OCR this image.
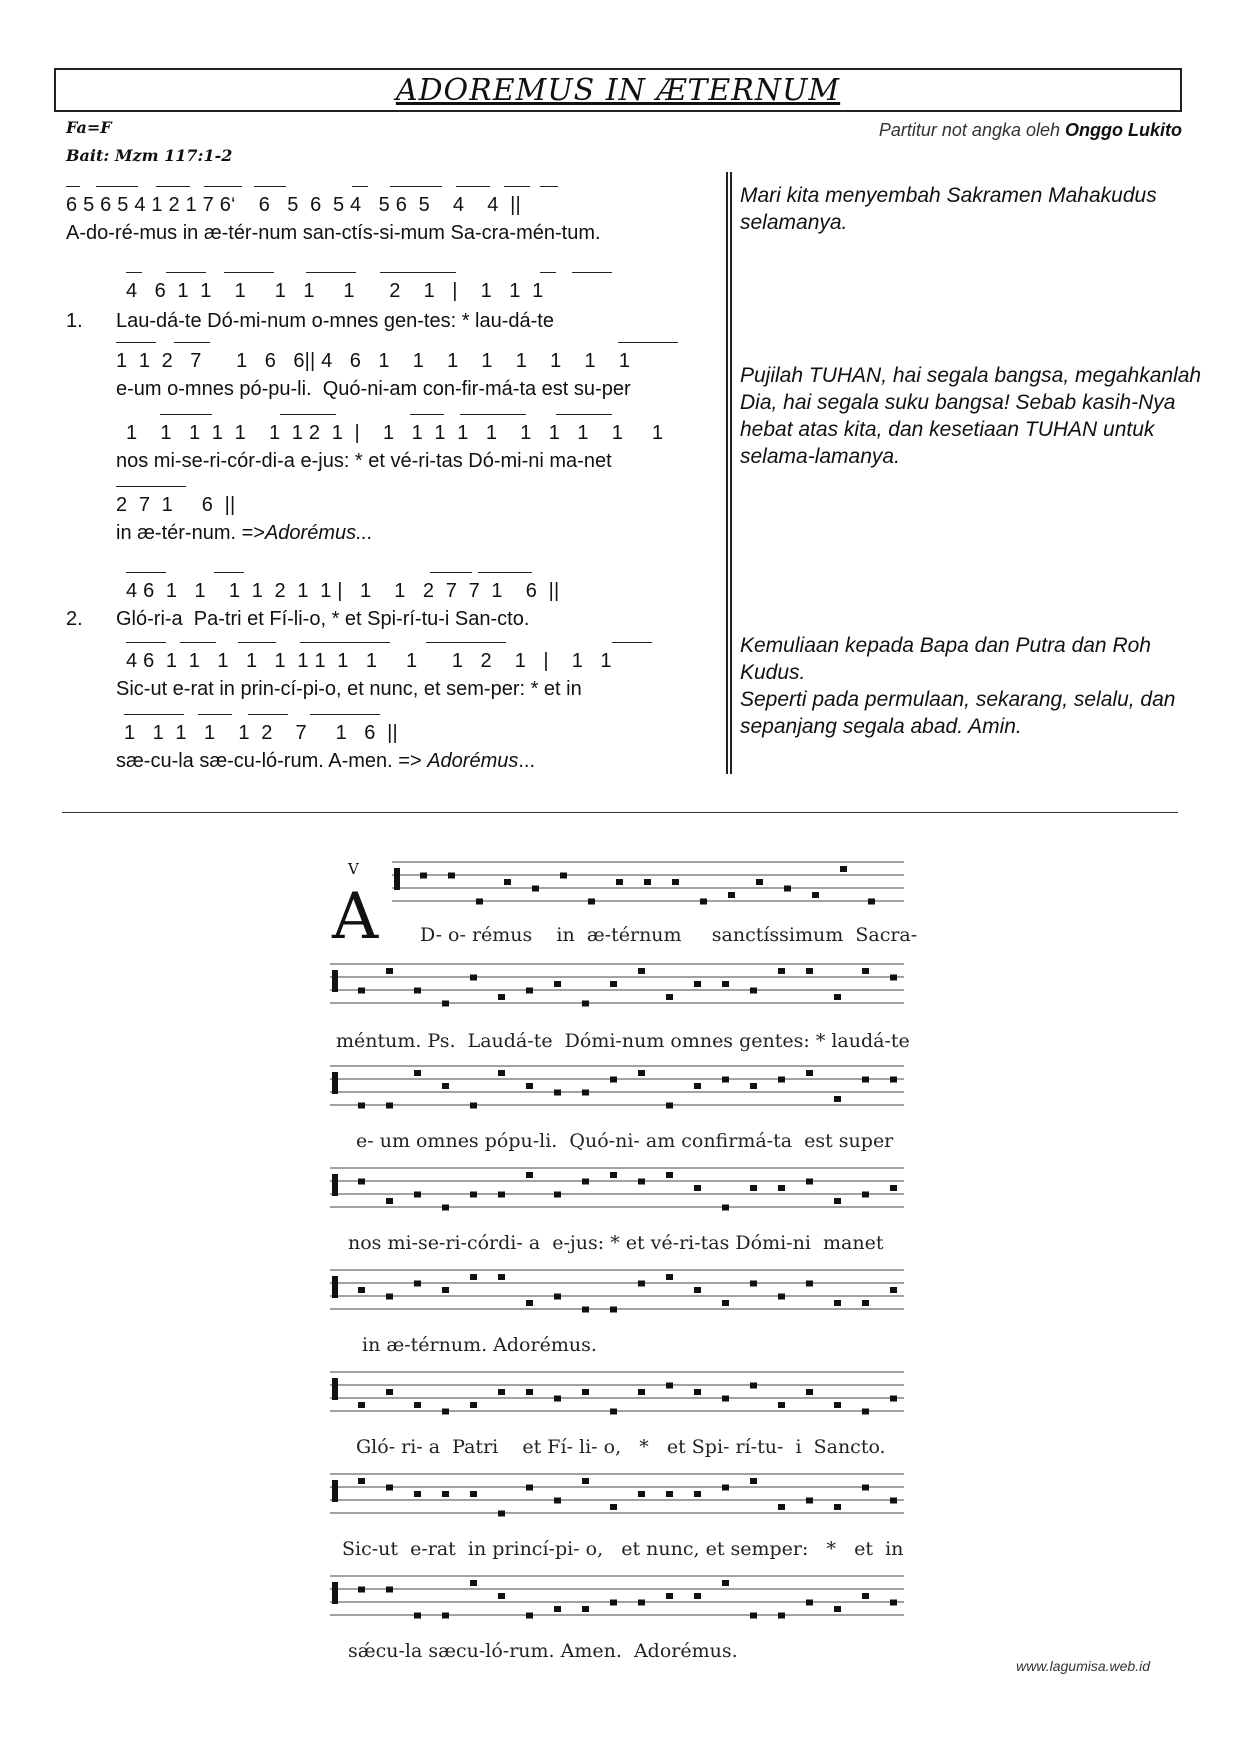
ADOREMUS IN ÆTERNUM
Fa=F
Bait: Mzm 117:1-2
Partitur not angka oleh Onggo Lukito
6 5 6 5 4 1 2 1 7 6‘    6   5  6  5 4   5 6  5    4    4  ||
A-do-ré-mus in æ-tér-num san-ctís-si-mum Sa-cra-mén-tum.
4   6  1  1    1     1   1     1      2    1   |    1   1  1
1. Lau-dá-te Dó-mi-num o-mnes gen-tes: * lau-dá-te
1  1  2   7      1   6   6|| 4   6   1    1    1    1    1    1    1    1
e-um o-mnes pó-pu-li.  Quó-ni-am con-fir-má-ta est su-per
1    1   1  1  1    1  1 2  1  |    1   1  1  1   1    1   1   1    1     1
nos mi-se-ri-cór-di-a e-jus: * et vé-ri-tas Dó-mi-ni ma-net
2  7  1     6  ||
in æ-tér-num. =>Adorémus...
4 6  1   1    1  1  2  1  1 |   1    1   2  7  7  1    6  ||
2. Gló-ri-a  Pa-tri et Fí-li-o, * et Spi-rí-tu-i San-cto.
4 6  1  1   1   1   1  1 1  1   1     1      1   2    1   |    1   1
Sic-ut e-rat in prin-cí-pi-o, et nunc, et sem-per: * et in
1   1  1   1    1  2    7     1   6  ||
sæ-cu-la sæ-cu-ló-rum. A-men. => Adorémus...
Mari kita menyembah Sakramen Mahakudus selamanya.
Pujilah TUHAN, hai segala bangsa, megahkanlah Dia, hai segala suku bangsa! Sebab kasih-Nya hebat atas kita, dan kesetiaan TUHAN untuk selama-lamanya.
Kemuliaan kepada Bapa dan Putra dan Roh Kudus.
Seperti pada permulaan, sekarang, selalu, dan sepanjang segala abad. Amin.
V
A D- o- rémus    in  æ-térnum     sanctíssimum  Sacra-
méntum. Ps.  Laudá-te  Dómi-num omnes gentes: * laudá-te
e- um omnes pópu-li.  Quó-ni- am confirmá-ta  est super
nos mi-se-ri-córdi- a  e-jus: * et vé-ri-tas Dómi-ni  manet
in æ-térnum. Adorémus.
Gló- ri- a  Patri    et Fí- li- o,   *   et Spi- rí-tu-  i  Sancto.
Sic-ut  e-rat  in princí-pi- o,   et nunc, et semper:   *   et  in
sǽcu-la sæcu-ló-rum. Amen.  Adorémus.
www.lagumisa.web.id
